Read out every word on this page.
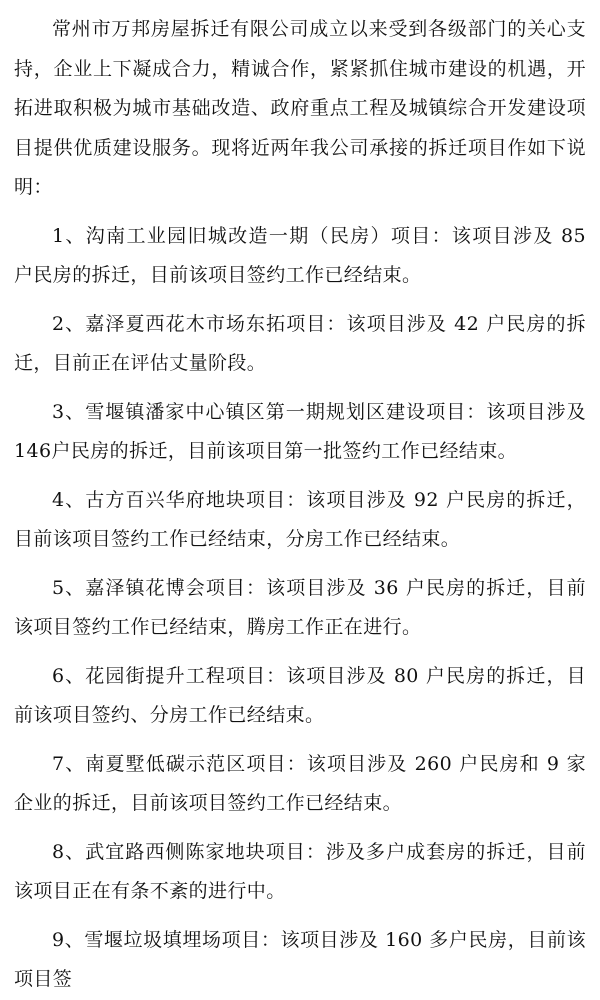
常州市万邦房屋拆迁有限公司成立以来受到各级部门的关心支持，企业上下凝成合力，精诚合作，紧紧抓住城市建设的机遇，开拓进取积极为城市基础改造、政府重点工程及城镇综合开发建设项目提供优质建设服务。现将近两年我公司承接的拆迁项目作如下说明：

1、沟南工业园旧城改造一期（民房）项目：该项目涉及 85 户民房的拆迁，目前该项目签约工作已经结束。

2、嘉泽夏西花木市场东拓项目：该项目涉及 42 户民房的拆迁，目前正在评估丈量阶段。

3、雪堰镇潘家中心镇区第一期规划区建设项目：该项目涉及146户民房的拆迁，目前该项目第一批签约工作已经结束。

4、古方百兴华府地块项目：该项目涉及 92 户民房的拆迁，目前该项目签约工作已经结束，分房工作已经结束。

5、嘉泽镇花博会项目：该项目涉及 36 户民房的拆迁，目前该项目签约工作已经结束，腾房工作正在进行。

6、花园街提升工程项目：该项目涉及 80 户民房的拆迁，目前该项目签约、分房工作已经结束。

7、南夏墅低碳示范区项目：该项目涉及 260 户民房和 9 家企业的拆迁，目前该项目签约工作已经结束。

8、武宜路西侧陈家地块项目：涉及多户成套房的拆迁，目前该项目正在有条不紊的进行中。

9、雪堰垃圾填埋场项目：该项目涉及 160 多户民房，目前该项目签
